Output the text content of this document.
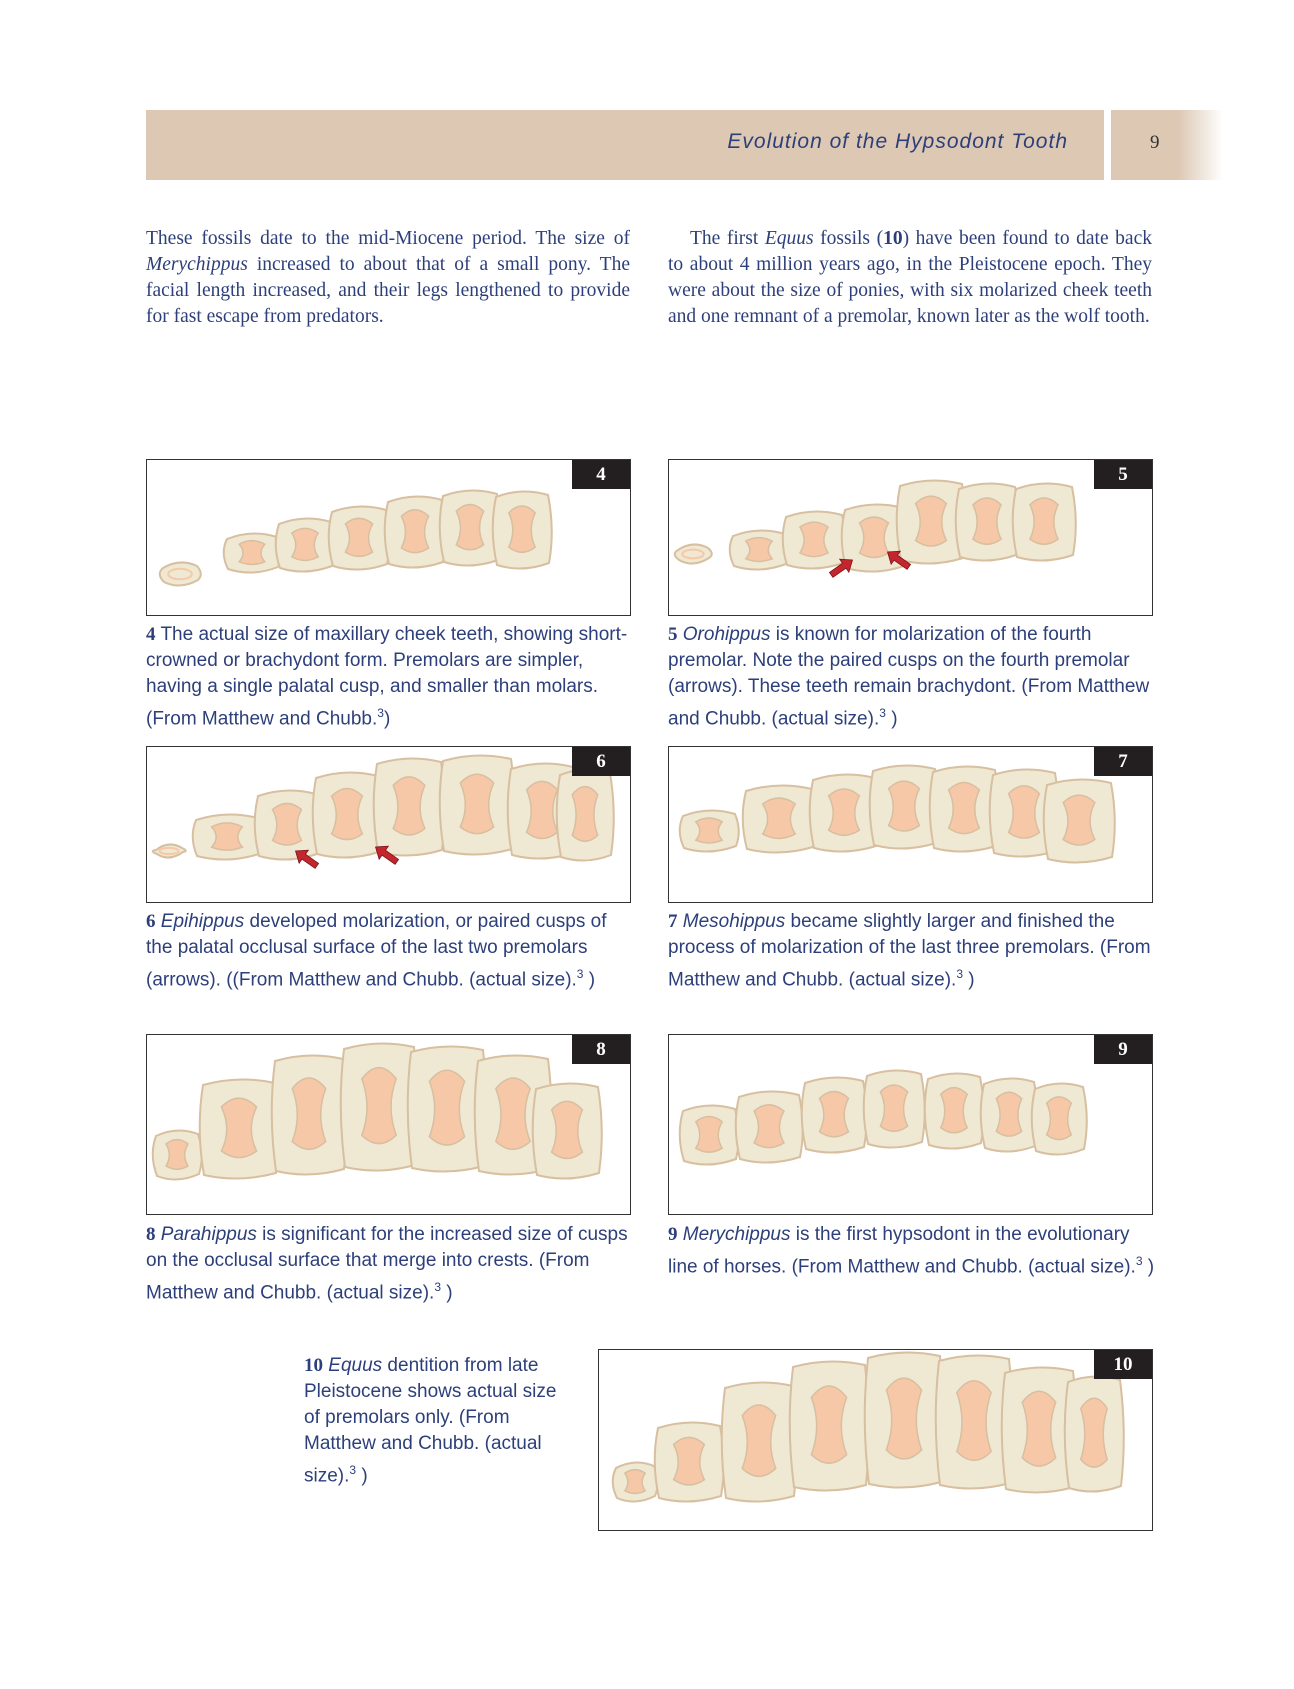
Evolution of the Hypsodont Tooth	9

These fossils date to the mid-Miocene period. The size of Merychippus increased to about that of a small pony. The facial length increased, and their legs lengthened to provide for fast escape from predators.

The first Equus fossils (10) have been found to date back to about 4 million years ago, in the Pleistocene epoch. They were about the size of ponies, with six molarized cheek teeth and one remnant of a premolar, known later as the wolf tooth.

4
4 The actual size of maxillary cheek teeth, showing short-crowned or brachydont form. Premolars are simpler, having a single palatal cusp, and smaller than molars. (From Matthew and Chubb.$^3$)
5
5 Orohippus is known for molarization of the fourth premolar. Note the paired cusps on the fourth premolar (arrows). These teeth remain brachydont. (From Matthew and Chubb. (actual size).$^3$ )
6
6 Epihippus developed molarization, or paired cusps of the palatal occlusal surface of the last two premolars (arrows). ((From Matthew and Chubb. (actual size).$^3$ )
7
7 Mesohippus became slightly larger and finished the process of molarization of the last three premolars. (From Matthew and Chubb. (actual size).$^3$ )
8
8 Parahippus is significant for the increased size of cusps on the occlusal surface that merge into crests. (From Matthew and Chubb. (actual size).$^3$ )
9
9 Merychippus is the first hypsodont in the evolutionary line of horses. (From Matthew and Chubb. (actual size).$^3$ )
10
10 Equus dentition from late Pleistocene shows actual size of premolars only. (From Matthew and Chubb. (actual size).$^3$ )
